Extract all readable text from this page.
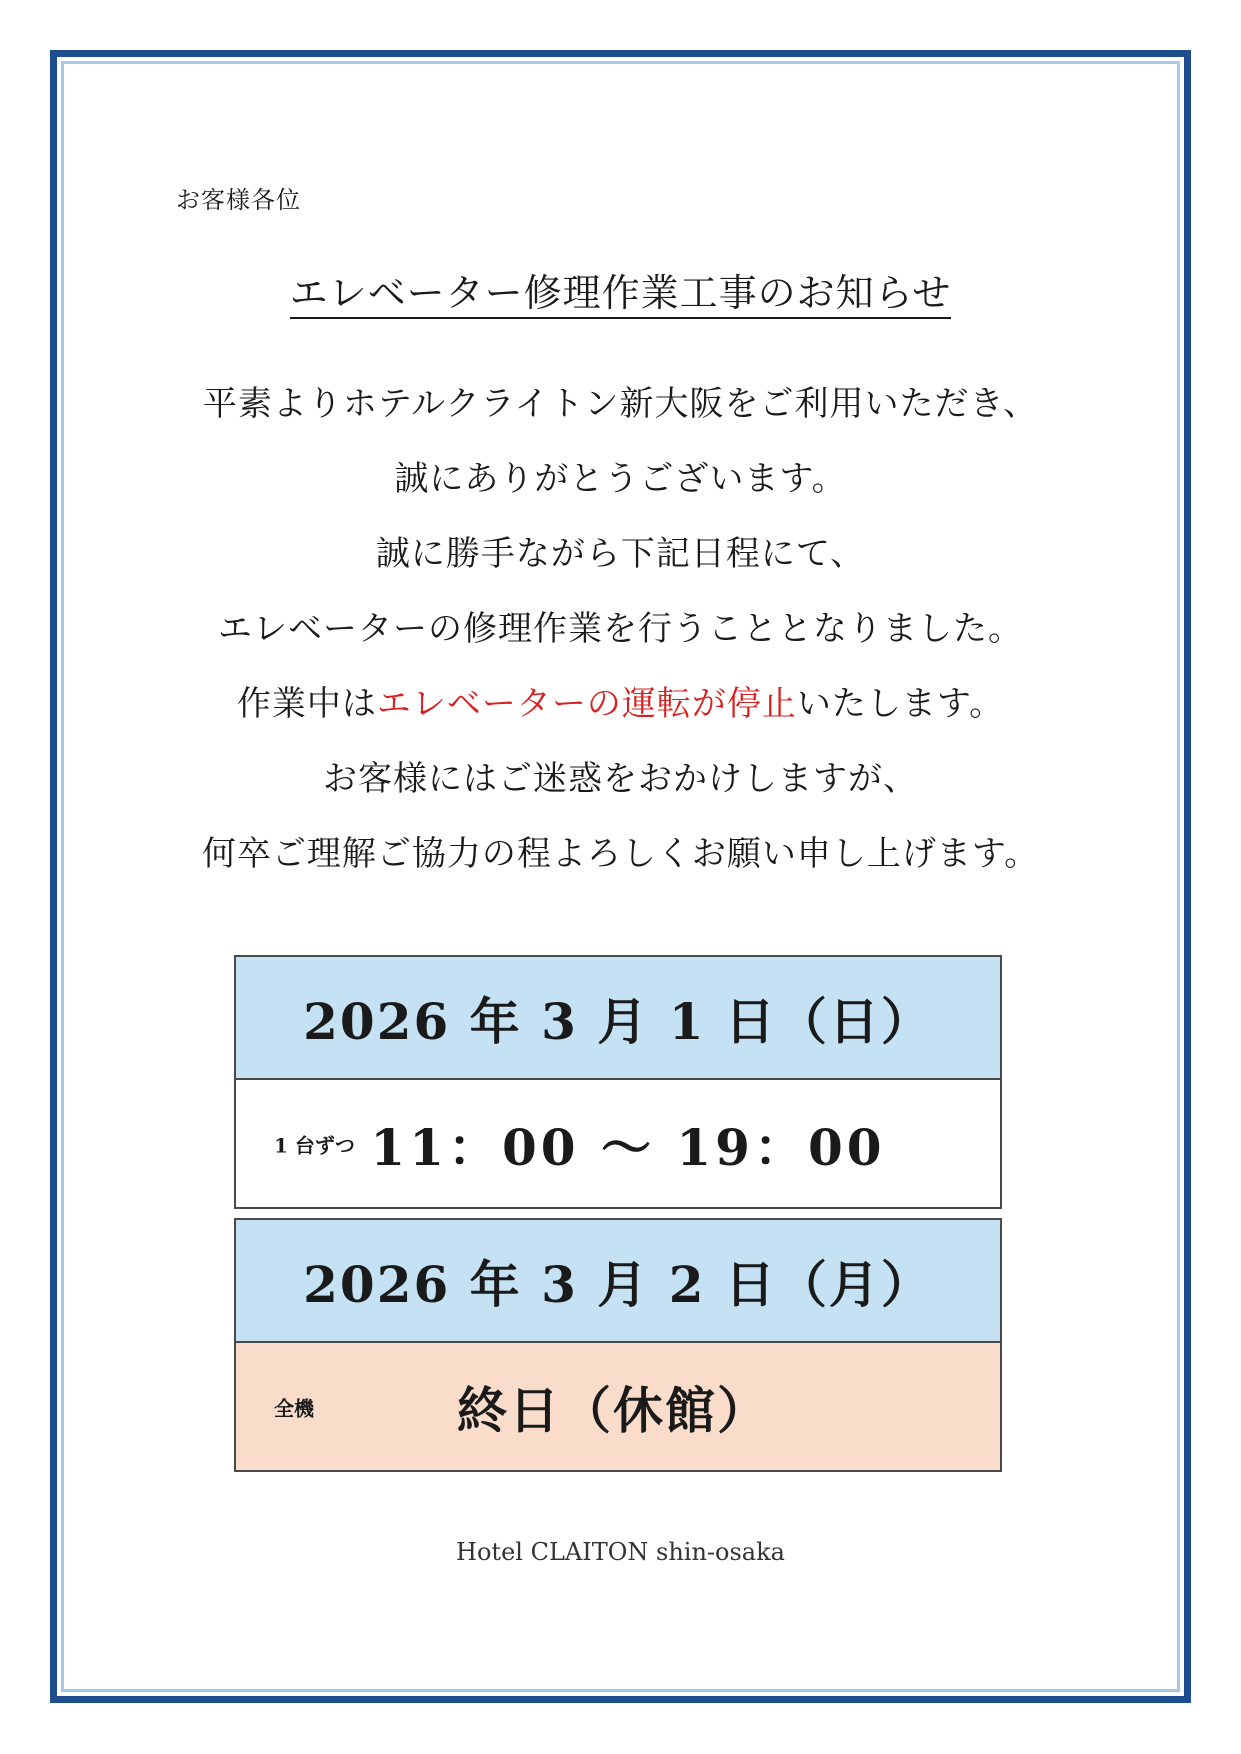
お客様各位
エレベーター修理作業工事のお知らせ
平素よりホテルクライトン新大阪をご利用いただき、
誠にありがとうございます。
誠に勝手ながら下記日程にて、
エレベーターの修理作業を行うこととなりました。
作業中はエレベーターの運転が停止いたします。
お客様にはご迷惑をおかけしますが、
何卒ご理解ご協力の程よろしくお願い申し上げます。
2026 年 3 月 1 日（日）
1 台ずつ 11：00 ～ 19：00
2026 年 3 月 2 日（月）
全機	終日（休館）
Hotel CLAITON shin-osaka
